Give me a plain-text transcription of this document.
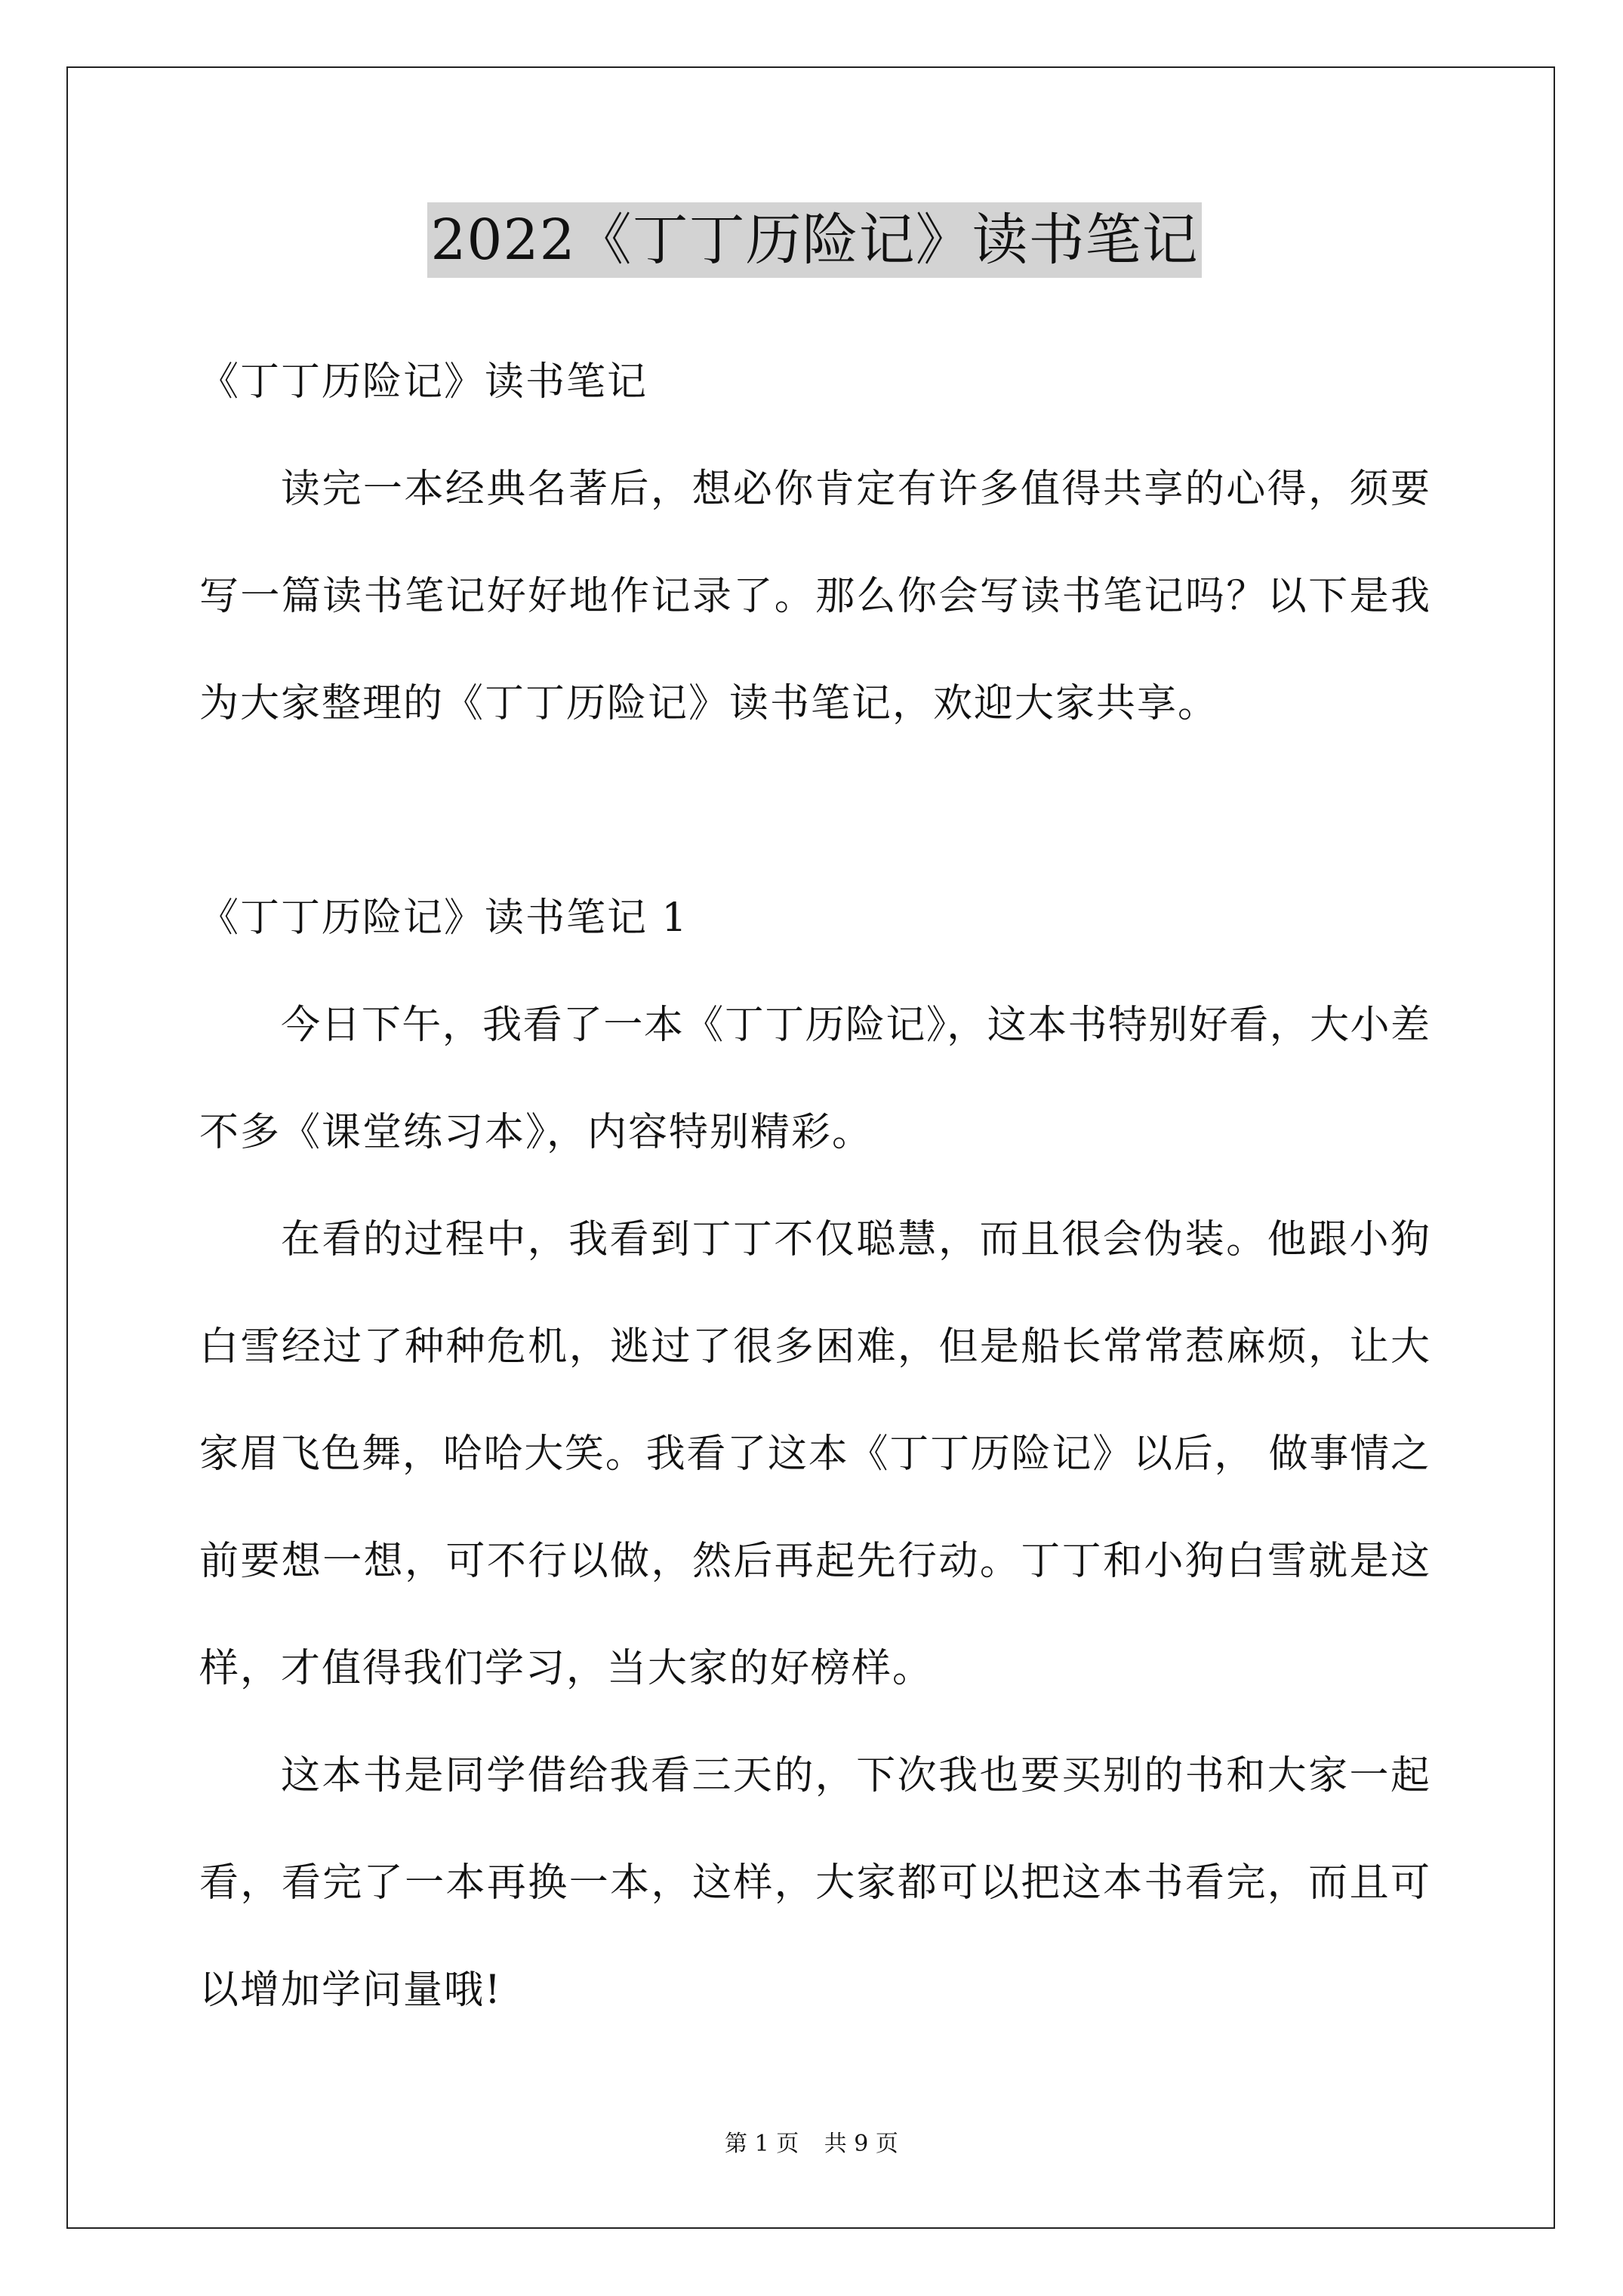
2022《丁丁历险记》读书笔记
《丁丁历险记》读书笔记
读完一本经典名著后，想必你肯定有许多值得共享的心得，须要
写一篇读书笔记好好地作记录了。那么你会写读书笔记吗？以下是我
为大家整理的《丁丁历险记》读书笔记，欢迎大家共享。
《丁丁历险记》读书笔记 1
今日下午，我看了一本《丁丁历险记》，这本书特别好看，大小差
不多《课堂练习本》，内容特别精彩。
在看的过程中，我看到丁丁不仅聪慧，而且很会伪装。他跟小狗
白雪经过了种种危机，逃过了很多困难，但是船长常常惹麻烦，让大
家眉飞色舞，哈哈大笑。我看了这本《丁丁历险记》以后， 做事情之
前要想一想，可不行以做，然后再起先行动。丁丁和小狗白雪就是这
样，才值得我们学习，当大家的好榜样。
这本书是同学借给我看三天的，下次我也要买别的书和大家一起
看，看完了一本再换一本，这样，大家都可以把这本书看完，而且可
以增加学问量哦!
第 1 页 共 9 页
